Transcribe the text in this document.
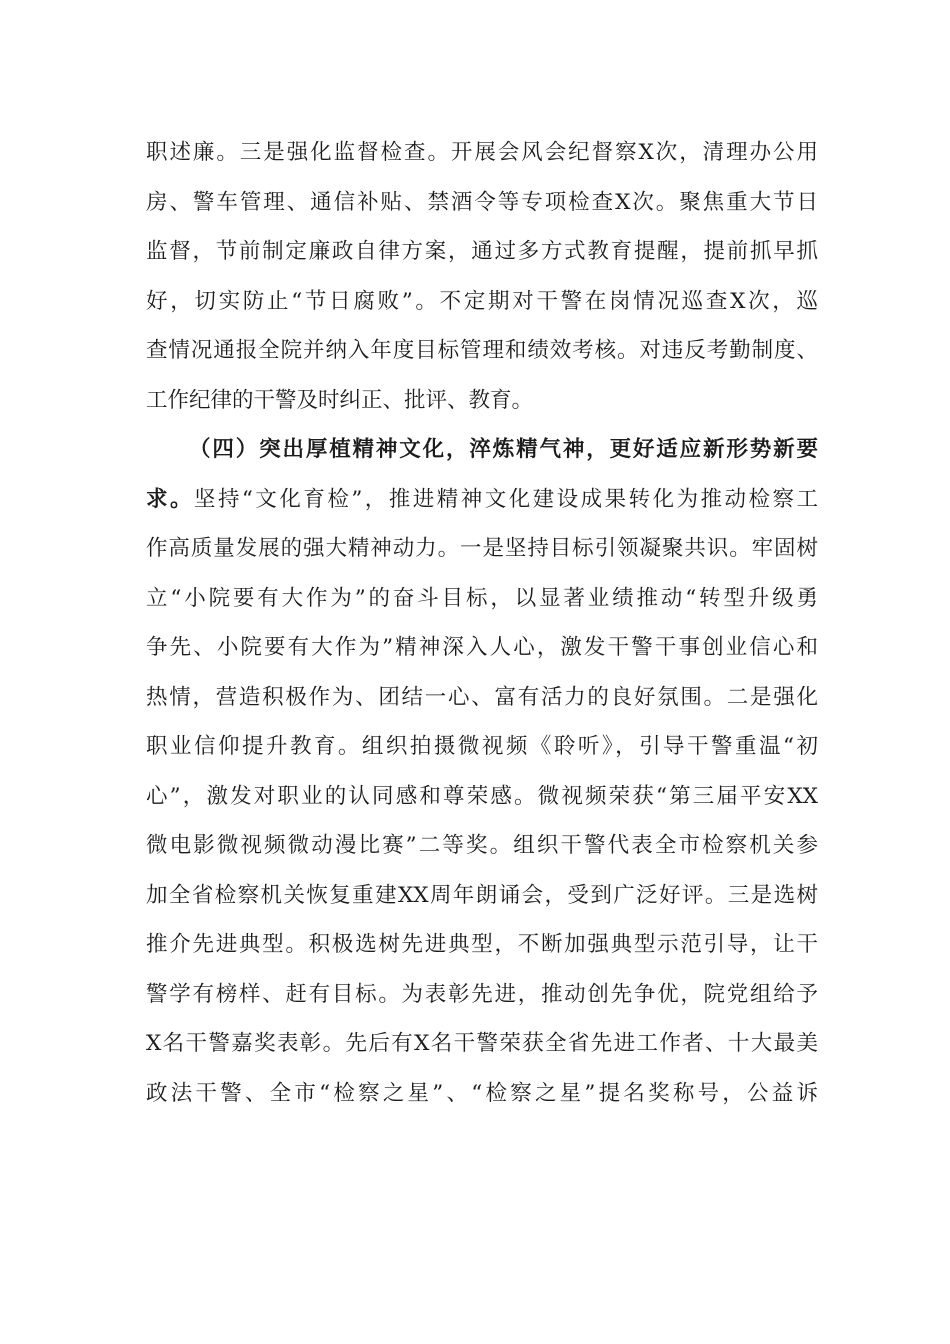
职述廉。三是强化监督检查。开展会风会纪督察X次，清理办公用
房、警车管理、通信补贴、禁酒令等专项检查X次。聚焦重大节日
监督，节前制定廉政自律方案，通过多方式教育提醒，提前抓早抓
好，切实防止“节日腐败”。不定期对干警在岗情况巡查X次，巡
查情况通报全院并纳入年度目标管理和绩效考核。对违反考勤制度、
工作纪律的干警及时纠正、批评、教育。
（四）突出厚植精神文化，淬炼精气神，更好适应新形势新要
求。坚持“文化育检”，推进精神文化建设成果转化为推动检察工
作高质量发展的强大精神动力。一是坚持目标引领凝聚共识。牢固树
立“小院要有大作为”的奋斗目标，以显著业绩推动“转型升级勇
争先、小院要有大作为”精神深入人心，激发干警干事创业信心和
热情，营造积极作为、团结一心、富有活力的良好氛围。二是强化
职业信仰提升教育。组织拍摄微视频《聆听》，引导干警重温“初
心”，激发对职业的认同感和尊荣感。微视频荣获“第三届平安XX
微电影微视频微动漫比赛”二等奖。组织干警代表全市检察机关参
加全省检察机关恢复重建XX周年朗诵会，受到广泛好评。三是选树
推介先进典型。积极选树先进典型，不断加强典型示范引导，让干
警学有榜样、赶有目标。为表彰先进，推动创先争优，院党组给予
X名干警嘉奖表彰。先后有X名干警荣获全省先进工作者、十大最美
政法干警、全市“检察之星”、“检察之星”提名奖称号，公益诉
